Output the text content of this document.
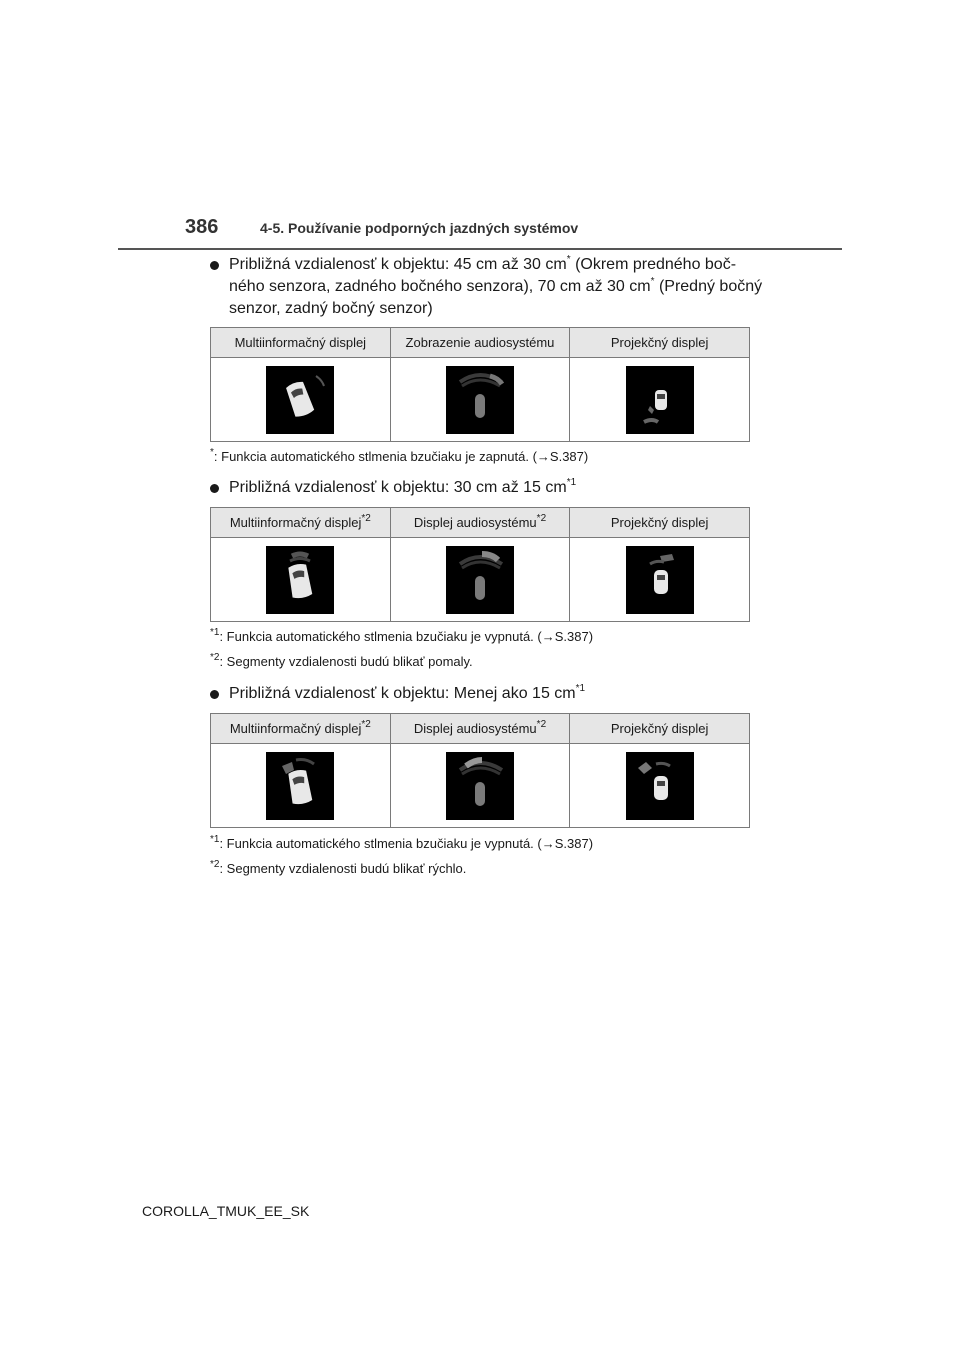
386	4-5. Používanie podporných jazdných systémov
Približná vzdialenosť k objektu: 45 cm až 30 cm* (Okrem predného boč-ného senzora, zadného bočného senzora), 70 cm až 30 cm* (Predný bočný senzor, zadný bočný senzor)
Multiinformačný displej	Zobrazenie audiosystému	Projekčný displej

*: Funkcia automatického stlmenia bzučiaku je zapnutá. (→S.387)
Približná vzdialenosť k objektu: 30 cm až 15 $cm^{*1}$
Multiinformačný displej$^{*2}$	Displej audiosystému$^{*2}$	Projekčný displej

$^{*1}$: Funkcia automatického stlmenia bzučiaku je vypnutá. (→S.387)
$^{*2}$: Segmenty vzdialenosti budú blikať pomaly.
Približná vzdialenosť k objektu: Menej ako 15 $cm^{*1}$
Multiinformačný displej$^{*2}$	Displej audiosystému$^{*2}$	Projekčný displej

$^{*1}$: Funkcia automatického stlmenia bzučiaku je vypnutá. (→S.387)
$^{*2}$: Segmenty vzdialenosti budú blikať rýchlo.
COROLLA_TMUK_EE_SK
